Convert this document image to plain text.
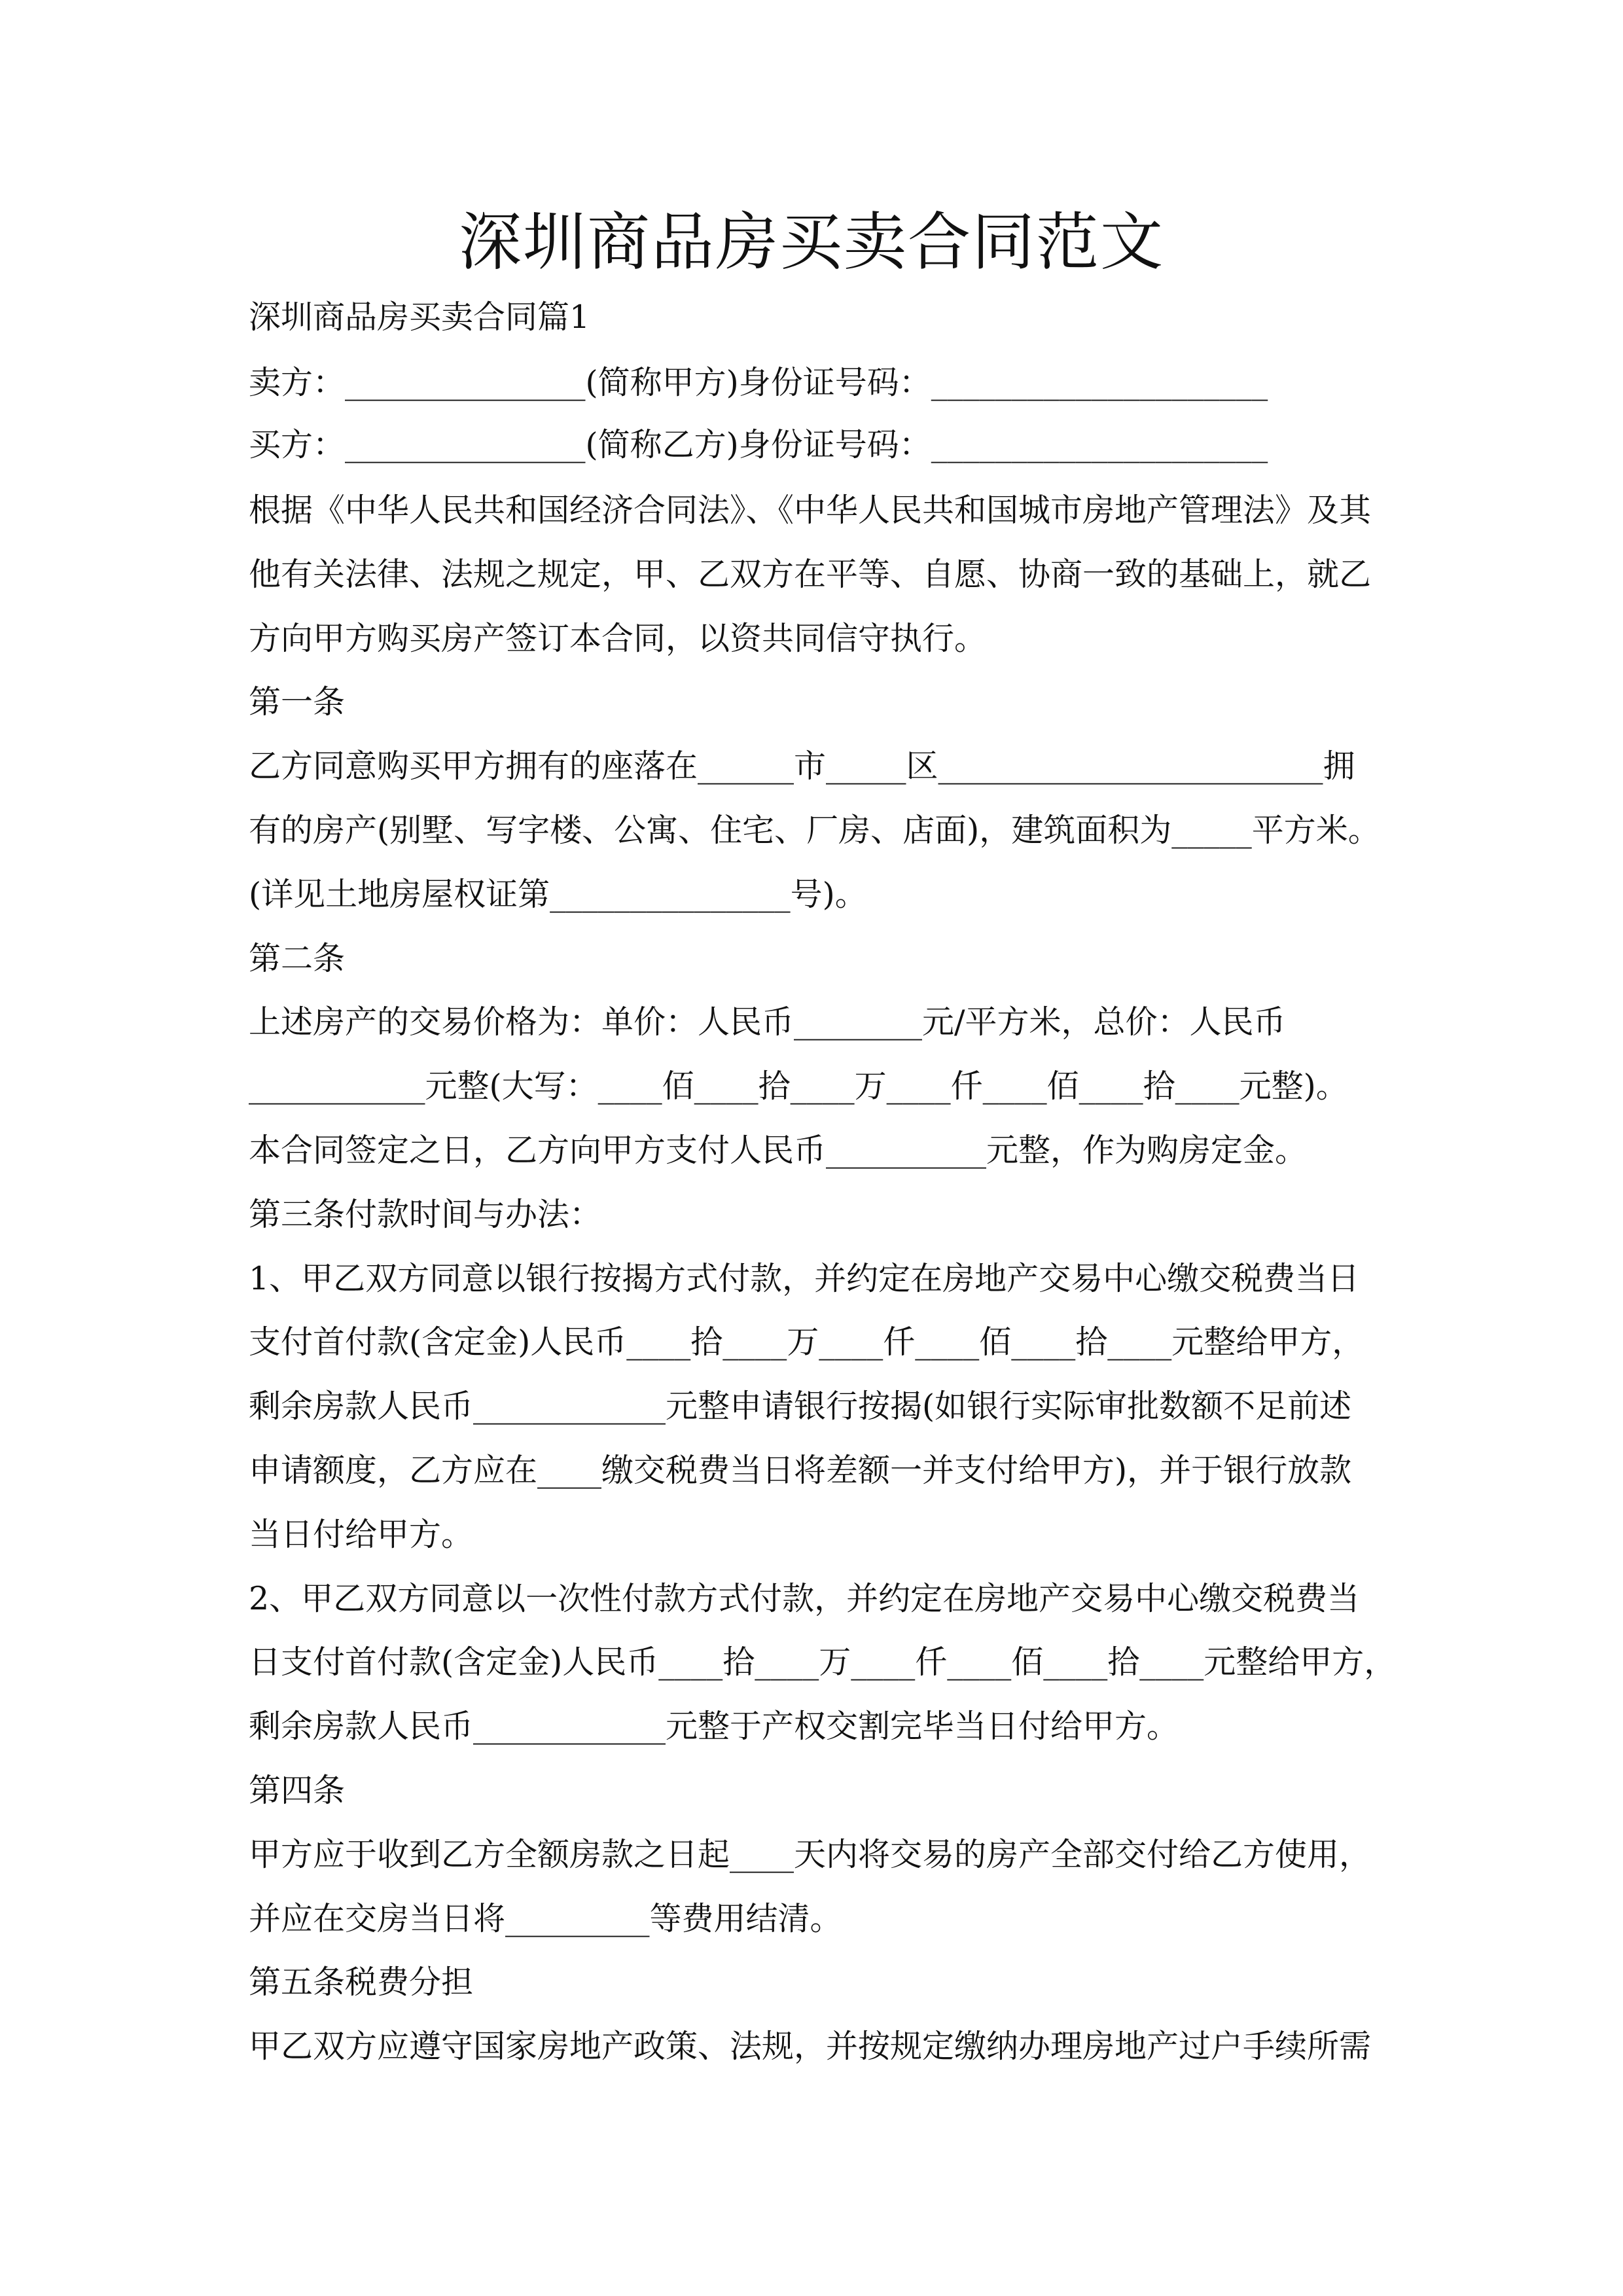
深圳商品房买卖合同范文
深圳商品房买卖合同篇1
卖方：_______________(简称甲方)身份证号码：_____________________
买方：_______________(简称乙方)身份证号码：_____________________
根据《中华人民共和国经济合同法》、《中华人民共和国城市房地产管理法》及其
他有关法律、法规之规定，甲、乙双方在平等、自愿、协商一致的基础上，就乙
方向甲方购买房产签订本合同，以资共同信守执行。
第一条
乙方同意购买甲方拥有的座落在______市_____区________________________拥
有的房产(别墅、写字楼、公寓、住宅、厂房、店面)，建筑面积为_____平方米。
(详见土地房屋权证第_______________号)。
第二条
上述房产的交易价格为：单价：人民币________元/平方米，总价：人民币
___________元整(大写：____佰____拾____万____仟____佰____拾____元整)。
本合同签定之日，乙方向甲方支付人民币__________元整，作为购房定金。
第三条付款时间与办法：
1、甲乙双方同意以银行按揭方式付款，并约定在房地产交易中心缴交税费当日
支付首付款(含定金)人民币____拾____万____仟____佰____拾____元整给甲方，
剩余房款人民币____________元整申请银行按揭(如银行实际审批数额不足前述
申请额度，乙方应在____缴交税费当日将差额一并支付给甲方)，并于银行放款
当日付给甲方。
2、甲乙双方同意以一次性付款方式付款，并约定在房地产交易中心缴交税费当
日支付首付款(含定金)人民币____拾____万____仟____佰____拾____元整给甲方，
剩余房款人民币____________元整于产权交割完毕当日付给甲方。
第四条
甲方应于收到乙方全额房款之日起____天内将交易的房产全部交付给乙方使用，
并应在交房当日将_________等费用结清。
第五条税费分担
甲乙双方应遵守国家房地产政策、法规，并按规定缴纳办理房地产过户手续所需
